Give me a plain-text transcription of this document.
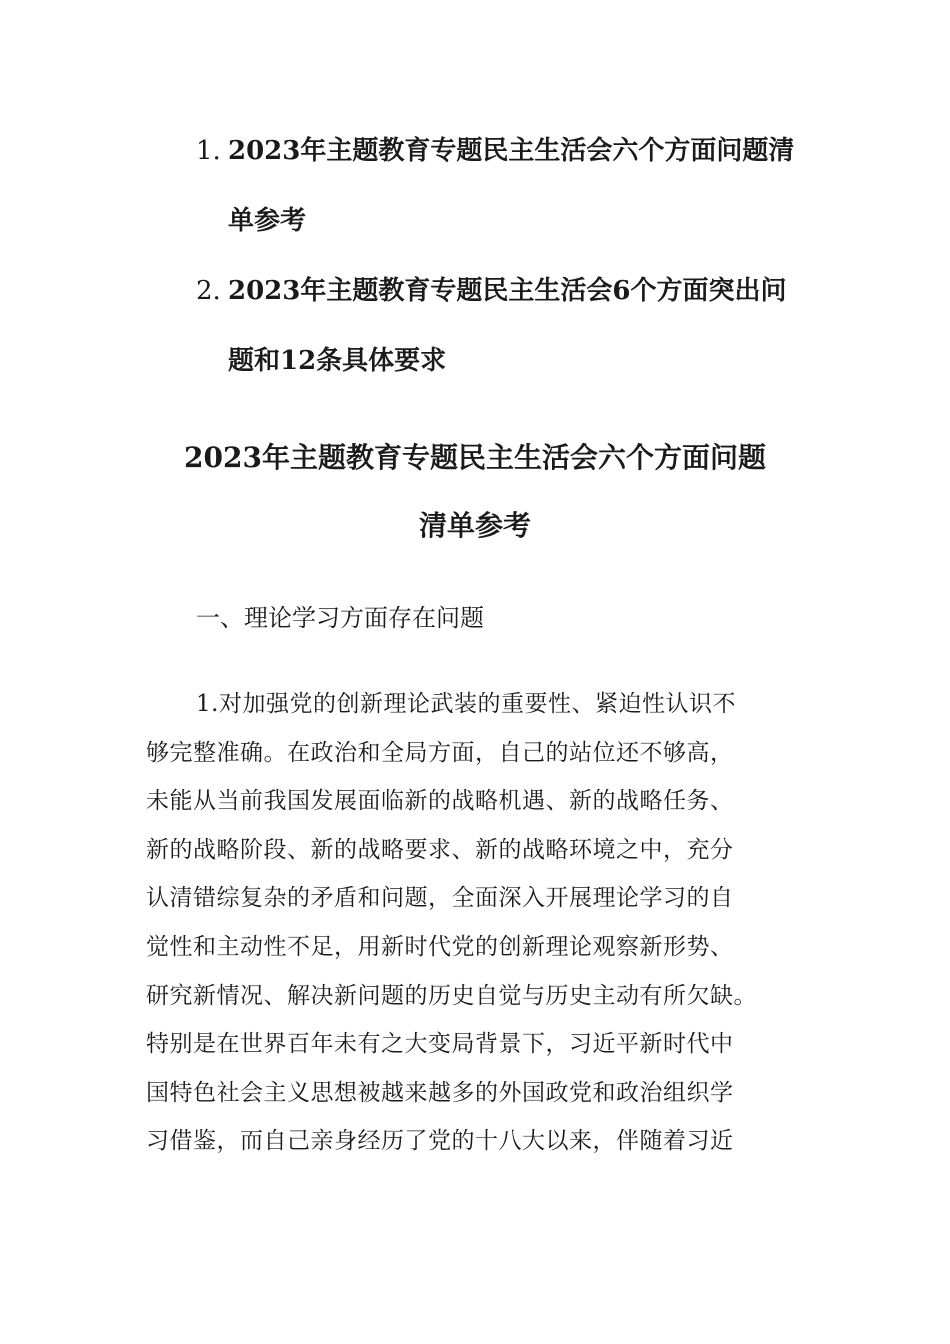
1. 2023年主题教育专题民主生活会六个方面问题清
单参考
2. 2023年主题教育专题民主生活会6个方面突出问
题和12条具体要求
2023年主题教育专题民主生活会六个方面问题
清单参考
一、理论学习方面存在问题
1.对加强党的创新理论武装的重要性、紧迫性认识不
够完整准确。在政治和全局方面，自己的站位还不够高，
未能从当前我国发展面临新的战略机遇、新的战略任务、
新的战略阶段、新的战略要求、新的战略环境之中，充分
认清错综复杂的矛盾和问题，全面深入开展理论学习的自
觉性和主动性不足，用新时代党的创新理论观察新形势、
研究新情况、解决新问题的历史自觉与历史主动有所欠缺。
特别是在世界百年未有之大变局背景下，习近平新时代中
国特色社会主义思想被越来越多的外国政党和政治组织学
习借鉴，而自己亲身经历了党的十八大以来，伴随着习近
